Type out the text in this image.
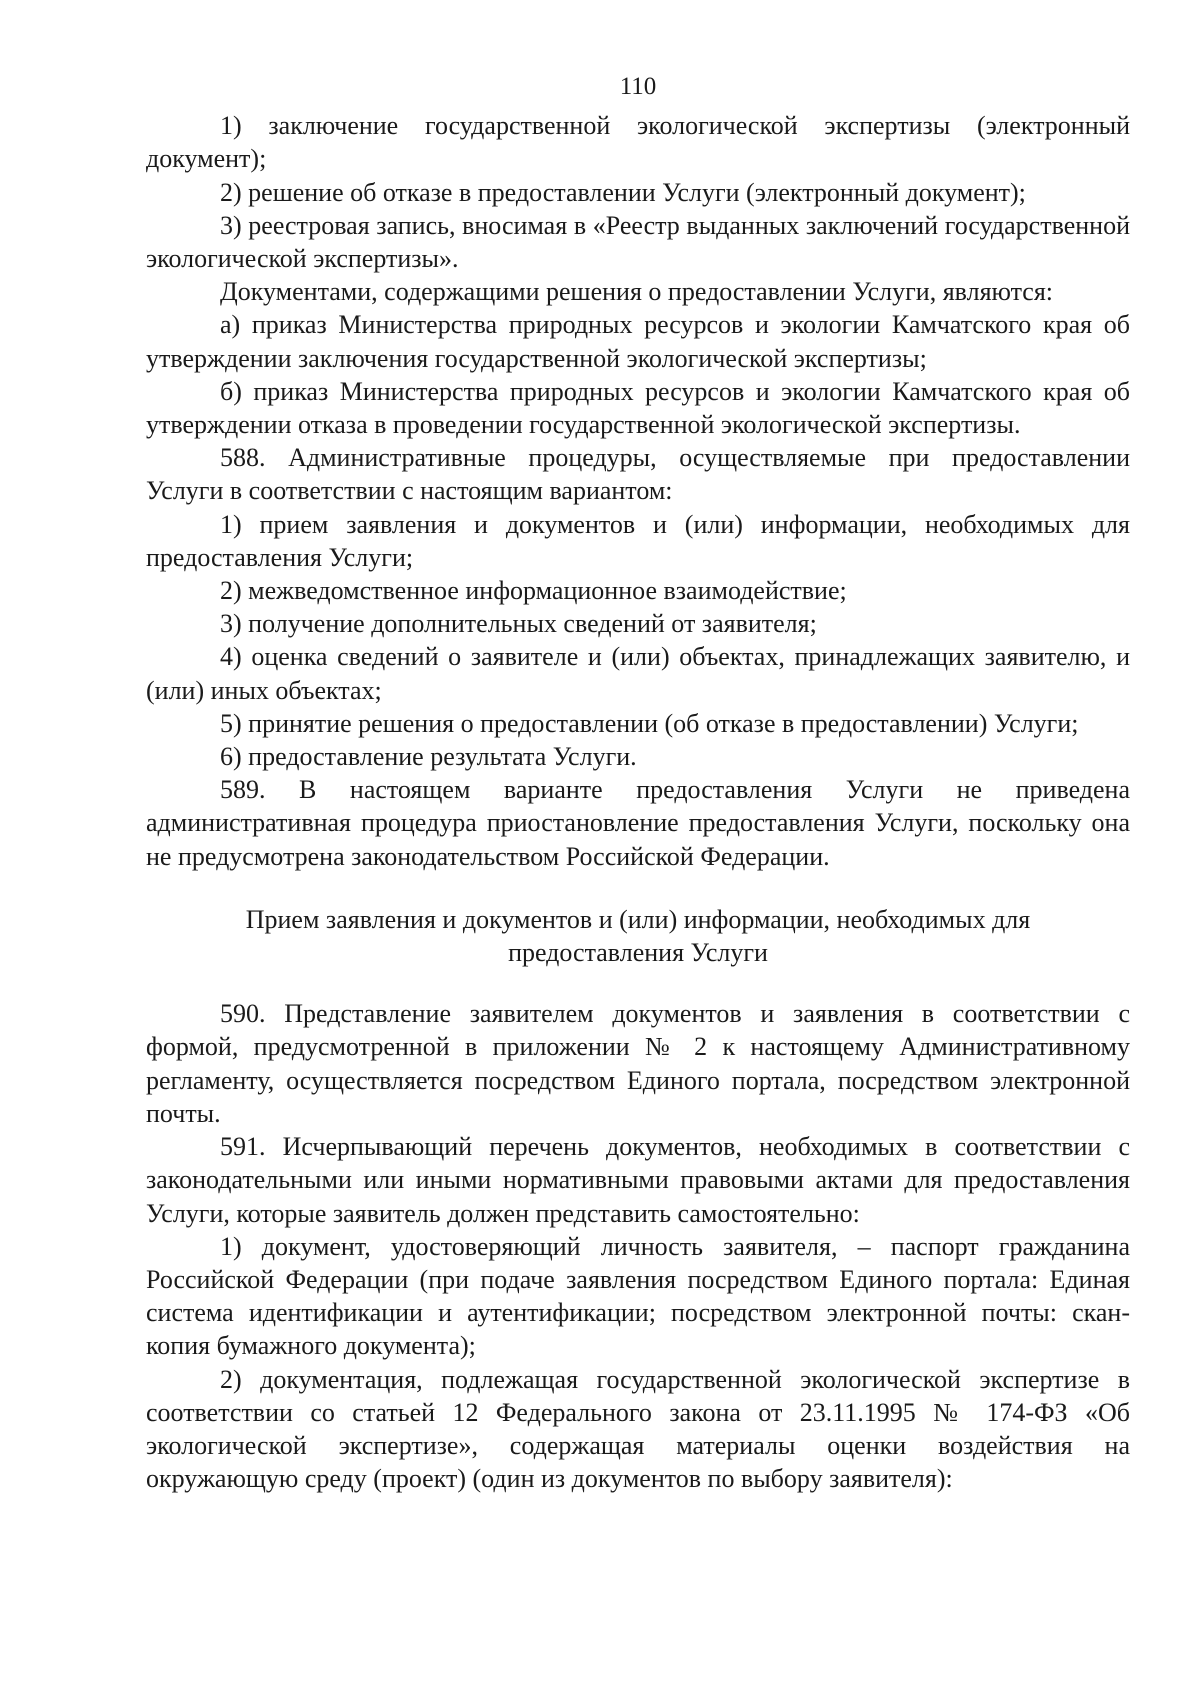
110

1) заключение государственной экологической экспертизы (электронный документ);

2) решение об отказе в предоставлении Услуги (электронный документ);

3) реестровая запись, вносимая в «Реестр выданных заключений государственной экологической экспертизы».

Документами, содержащими решения о предоставлении Услуги, являются:

а) приказ Министерства природных ресурсов и экологии Камчатского края об утверждении заключения государственной экологической экспертизы;

б) приказ Министерства природных ресурсов и экологии Камчатского края об утверждении отказа в проведении государственной экологической экспертизы.

588. Административные процедуры, осуществляемые при предоставлении Услуги в соответствии с настоящим вариантом:

1) прием заявления и документов и (или) информации, необходимых для предоставления Услуги;

2) межведомственное информационное взаимодействие;

3) получение дополнительных сведений от заявителя;

4) оценка сведений о заявителе и (или) объектах, принадлежащих заявителю, и (или) иных объектах;

5) принятие решения о предоставлении (об отказе в предоставлении) Услуги;

6) предоставление результата Услуги.

589. В настоящем варианте предоставления Услуги не приведена административная процедура приостановление предоставления Услуги, поскольку она не предусмотрена законодательством Российской Федерации.

Прием заявления и документов и (или) информации, необходимых для
предоставления Услуги

590. Представление заявителем документов и заявления в соответствии с формой, предусмотренной в приложении № 2 к настоящему Административному регламенту, осуществляется посредством Единого портала, посредством электронной почты.

591. Исчерпывающий перечень документов, необходимых в соответствии с законодательными или иными нормативными правовыми актами для предоставления Услуги, которые заявитель должен представить самостоятельно:

1) документ, удостоверяющий личность заявителя, – паспорт гражданина Российской Федерации (при подаче заявления посредством Единого портала: Единая система идентификации и аутентификации; посредством электронной почты: скан-копия бумажного документа);

2) документация, подлежащая государственной экологической экспертизе в соответствии со статьей 12 Федерального закона от 23.11.1995 № 174-ФЗ «Об экологической экспертизе», содержащая материалы оценки воздействия на окружающую среду (проект) (один из документов по выбору заявителя):
